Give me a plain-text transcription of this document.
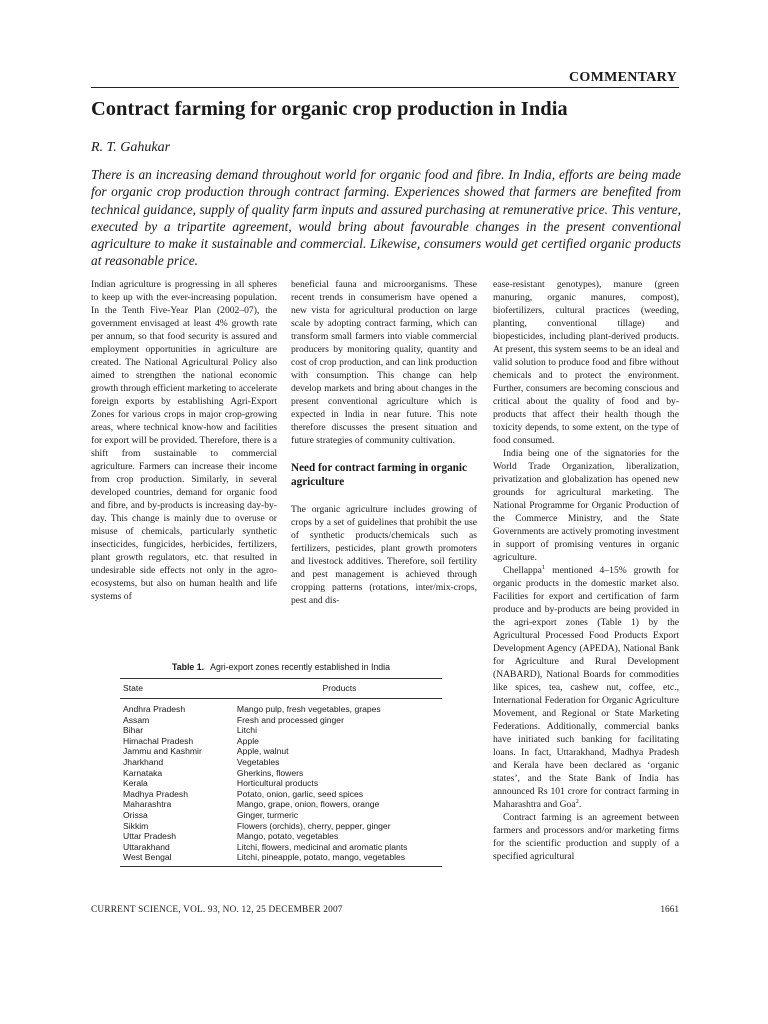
COMMENTARY
Contract farming for organic crop production in India
R. T. Gahukar
There is an increasing demand throughout world for organic food and fibre. In India, efforts are being made for organic crop production through contract farming. Experiences showed that farmers are benefited from technical guidance, supply of quality farm inputs and assured purchasing at remunerative price. This venture, executed by a tripartite agreement, would bring about favourable changes in the present conventional agriculture to make it sustainable and commercial. Likewise, consumers would get certified organic products at reasonable price.

Indian agriculture is progressing in all spheres to keep up with the ever-increasing population. In the Tenth Five-Year Plan (2002–07), the government envisaged at least 4% growth rate per annum, so that food security is assured and employment opportunities in agriculture are created. The National Agricultural Policy also aimed to strengthen the national economic growth through efficient marketing to accelerate foreign exports by establishing Agri-Export Zones for various crops in major crop-growing areas, where technical know-how and facilities for export will be provided. Therefore, there is a shift from sustainable to commercial agriculture. Farmers can increase their income from crop production. Similarly, in several developed countries, demand for organic food and fibre, and by-products is increasing day-by-day. This change is mainly due to overuse or misuse of chemicals, particularly synthetic insecticides, fungicides, herbicides, fertilizers, plant growth regulators, etc. that resulted in undesirable side effects not only in the agro-ecosystems, but also on human health and life systems of

beneficial fauna and microorganisms. These recent trends in consumerism have opened a new vista for agricultural production on large scale by adopting contract farming, which can transform small farmers into viable commercial producers by monitoring quality, quantity and cost of crop production, and can link production with consumption. This change can help develop markets and bring about changes in the present conventional agriculture which is expected in India in near future. This note therefore discusses the present situation and future strategies of community cultivation.

Need for contract farming in organic agriculture

The organic agriculture includes growing of crops by a set of guidelines that prohibit the use of synthetic products/chemicals such as fertilizers, pesticides, plant growth promoters and livestock additives. Therefore, soil fertility and pest management is achieved through cropping patterns (rotations, inter/mix-crops, pest and dis-

ease-resistant genotypes), manure (green manuring, organic manures, compost), biofertilizers, cultural practices (weeding, planting, conventional tillage) and biopesticides, including plant-derived products. At present, this system seems to be an ideal and valid solution to produce food and fibre without chemicals and to protect the environment. Further, consumers are becoming conscious and critical about the quality of food and by-products that affect their health though the toxicity depends, to some extent, on the type of food consumed.

India being one of the signatories for the World Trade Organization, liberalization, privatization and globalization has opened new grounds for agricultural marketing. The National Programme for Organic Production of the Commerce Ministry, and the State Governments are actively promoting investment in support of promising ventures in organic agriculture.

Chellappa$^1$ mentioned 4–15% growth for organic products in the domestic market also. Facilities for export and certification of farm produce and by-products are being provided in the agri-export zones (Table 1) by the Agricultural Processed Food Products Export Development Agency (APEDA), National Bank for Agriculture and Rural Development (NABARD), National Boards for commodities like spices, tea, cashew nut, coffee, etc., International Federation for Organic Agriculture Movement, and Regional or State Marketing Federations. Additionally, commercial banks have initiated such banking for facilitating loans. In fact, Uttarakhand, Madhya Pradesh and Kerala have been declared as ‘organic states’, and the State Bank of India has announced Rs 101 crore for contract farming in Maharashtra and Goa$^2$.

Contract farming is an agreement between farmers and processors and/or marketing firms for the scientific production and supply of a specified agricultural

Table 1. Agri-export zones recently established in India
State	Products
Andhra Pradesh	Mango pulp, fresh vegetables, grapes
Assam	Fresh and processed ginger
Bihar	Litchi
Himachal Pradesh	Apple
Jammu and Kashmir	Apple, walnut
Jharkhand	Vegetables
Karnataka	Gherkins, flowers
Kerala	Horticultural products
Madhya Pradesh	Potato, onion, garlic, seed spices
Maharashtra	Mango, grape, onion, flowers, orange
Orissa	Ginger, turmeric
Sikkim	Flowers (orchids), cherry, pepper, ginger
Uttar Pradesh	Mango, potato, vegetables
Uttarakhand	Litchi, flowers, medicinal and aromatic plants
West Bengal	Litchi, pineapple, potato, mango, vegetables
CURRENT SCIENCE, VOL. 93, NO. 12, 25 DECEMBER 2007	1661
